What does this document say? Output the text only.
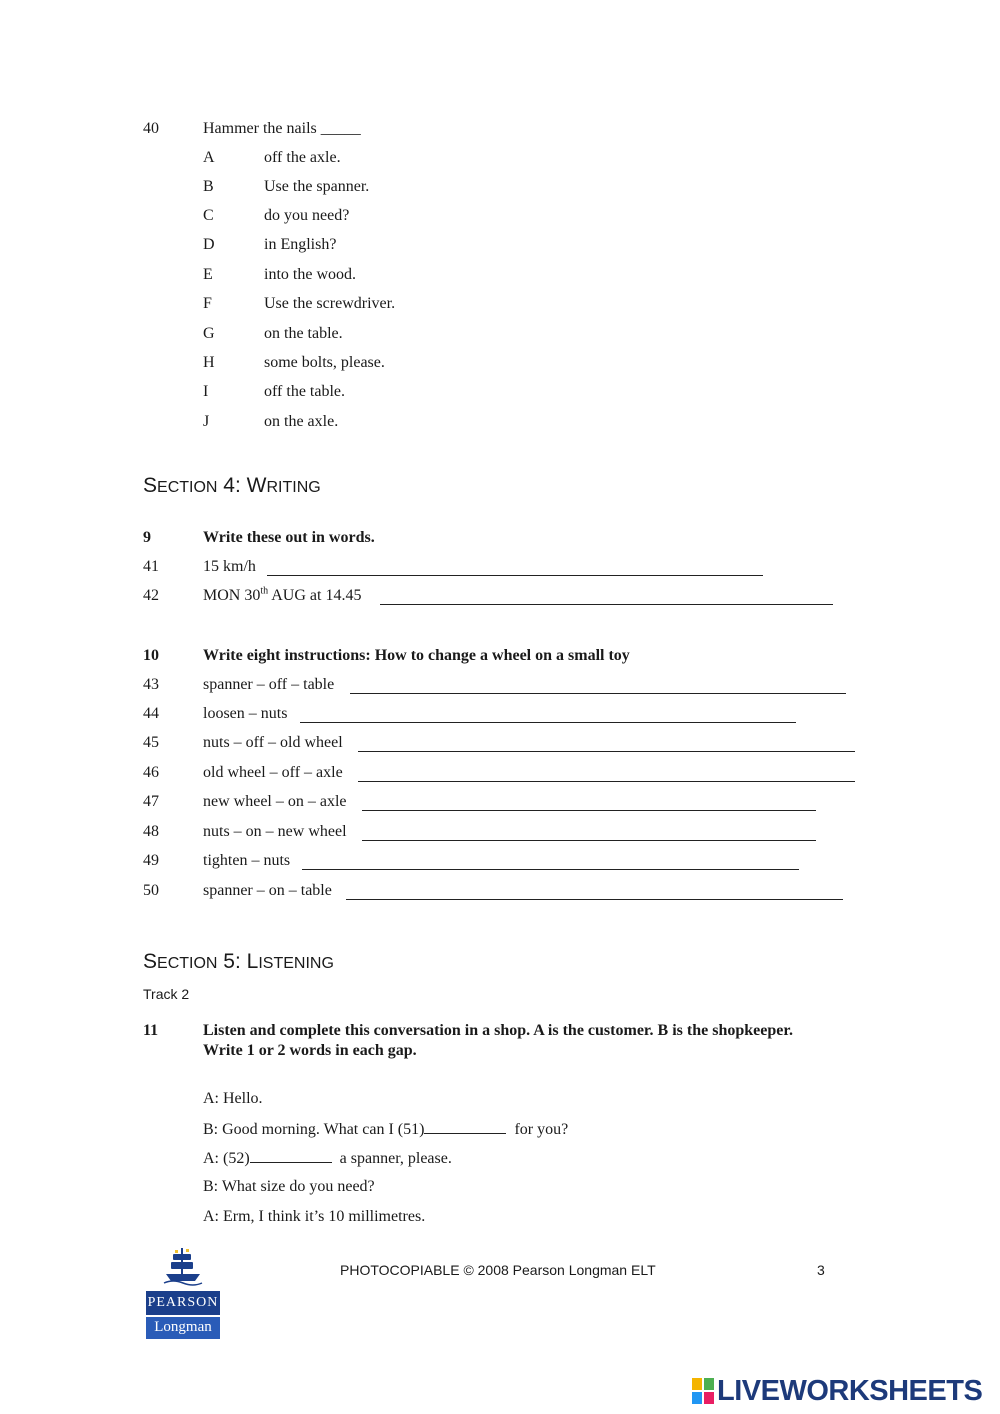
40	Hammer the nails _____
A	off the axle.
B	Use the spanner.
C	do you need?
D	in English?
E	into the wood.
F	Use the screwdriver.
G	on the table.
H	some bolts, please.
I	off the table.
J	on the axle.
SECTION 4: WRITING
9	Write these out in words.
41	15 km/h
42	MON 30th AUG at 14.45
10	Write eight instructions: How to change a wheel on a small toy
43	spanner – off – table
44	loosen – nuts
45	nuts – off – old wheel
46	old wheel – off – axle
47	new wheel – on – axle
48	nuts – on – new wheel
49	tighten – nuts
50	spanner – on – table
SECTION 5: LISTENING
Track 2
11	Listen and complete this conversation in a shop. A is the customer. B is the shopkeeper.
Write 1 or 2 words in each gap.
A: Hello.
B: Good morning. What can I (51)	for you?
A: (52)	a spanner, please.
B: What size do you need?
A: Erm, I think it’s 10 millimetres.
PEARSON
Longman
PHOTOCOPIABLE © 2008 Pearson Longman ELT	3
LIVEWORKSHEETS
